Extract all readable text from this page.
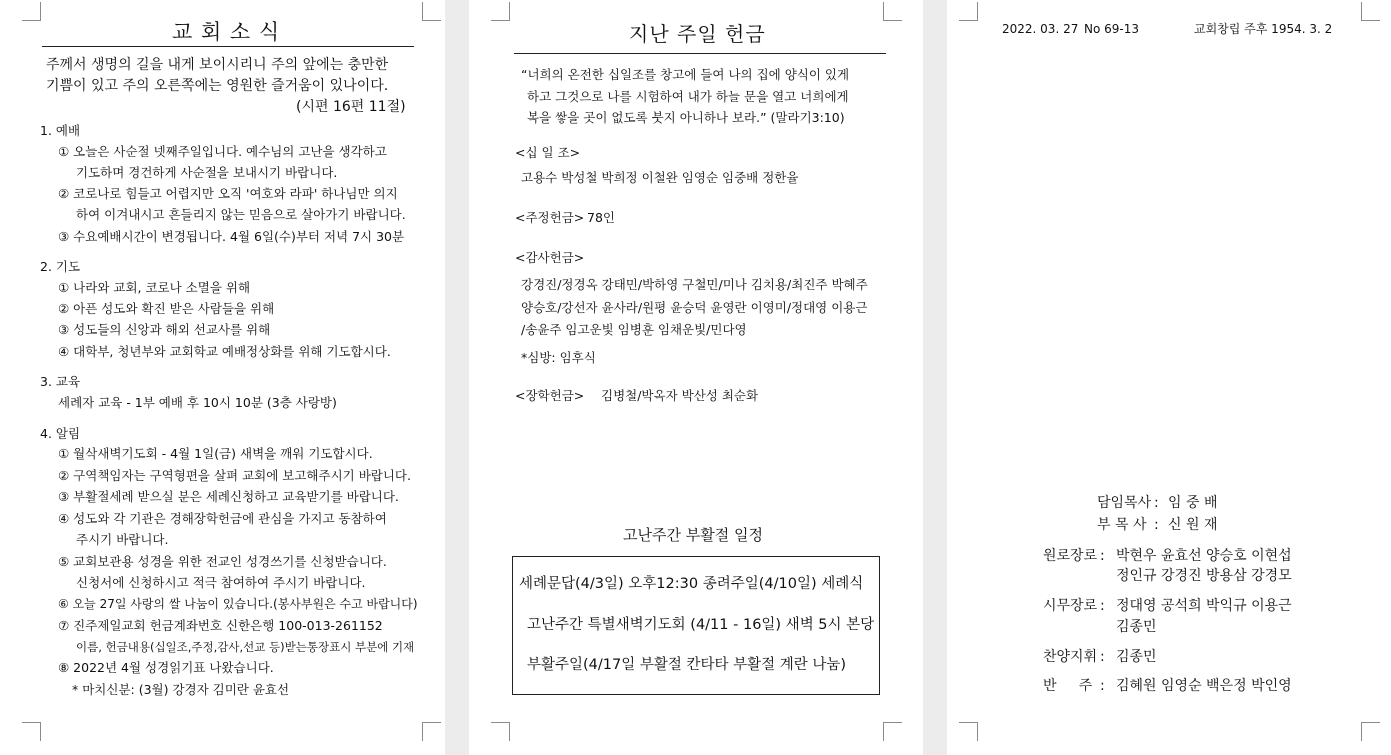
교 회 소 식
주께서 생명의 길을 내게 보이시리니 주의 앞에는 충만한
기쁨이 있고 주의 오른쪽에는 영원한 즐거움이 있나이다.
(시편 16편 11절)
1. 예배
① 오늘은 사순절 넷째주일입니다. 예수님의 고난을 생각하고
기도하며 경건하게 사순절을 보내시기 바랍니다.
② 코로나로 힘들고 어렵지만 오직 '여호와 라파' 하나님만 의지
하여 이겨내시고 흔들리지 않는 믿음으로 살아가기 바랍니다.
③ 수요예배시간이 변경됩니다. 4월 6일(수)부터 저녁 7시 30분
2. 기도
① 나라와 교회, 코로나 소멸을 위해
② 아픈 성도와 확진 받은 사람들을 위해
③ 성도들의 신앙과 해외 선교사를 위해
④ 대학부, 청년부와 교회학교 예배정상화를 위해 기도합시다.
3. 교육
세례자 교육 - 1부 예배 후 10시 10분 (3층 사랑방)
4. 알림
① 월삭새벽기도회 - 4월 1일(금) 새벽을 깨워 기도합시다.
② 구역책임자는 구역형편을 살펴 교회에 보고해주시기 바랍니다.
③ 부활절세례 받으실 분은 세례신청하고 교육받기를 바랍니다.
④ 성도와 각 기관은 경해장학헌금에 관심을 가지고 동참하여
주시기 바랍니다.
⑤ 교회보관용 성경을 위한 전교인 성경쓰기를 신청받습니다.
신청서에 신청하시고 적극 참여하여 주시기 바랍니다.
⑥ 오늘 27일 사랑의 쌀 나눔이 있습니다.(봉사부원은 수고 바랍니다)
⑦ 진주제일교회 헌금계좌번호 신한은행 100-013-261152
이름, 헌금내용(십일조,주정,감사,선교 등)받는통장표시 부분에 기재
⑧ 2022년 4월 성경읽기표 나왔습니다.
* 마치신분: (3월) 강경자 김미란 윤효선
지난 주일 헌금
“너희의 온전한 십일조를 창고에 들여 나의 집에 양식이 있게
하고 그것으로 나를 시험하여 내가 하늘 문을 열고 너희에게
복을 쌓을 곳이 없도록 붓지 아니하나 보라.” (말라기3:10)
<십 일 조>
고용수 박성철 박희정 이철완 임영순 임중배 정한율
<주정헌금> 78인
<감사헌금>
강경진/정경옥 강태민/박하영 구철민/미나 김치용/최진주 박혜주
양승호/강선자 윤사라/원평 윤승덕 윤영란 이영미/정대영 이용근
/송윤주 임고운빛 임병훈 임채운빛/민다영
*심방: 임후식
<장학헌금> 김병철/박옥자 박산성 최순화
고난주간 부활절 일정
세례문답(4/3일) 오후12:30 종려주일(4/10일) 세례식
고난주간 특별새벽기도회 (4/11 - 16일) 새벽 5시 본당
부활주일(4/17일 부활절 칸타타 부활절 계란 나눔)
2022. 03. 27 No 69-13	교회창립 주후 1954. 3. 2
담임목사 : 임 중 배
부 목 사 : 신 원 재
원로장로 : 박현우 윤효선 양승호 이현섭
정인규 강경진 방용삼 강경모
시무장로 : 정대영 공석희 박익규 이용근
김종민
찬양지휘 : 김종민
반     주 : 김혜원 임영순 백은정 박인영
